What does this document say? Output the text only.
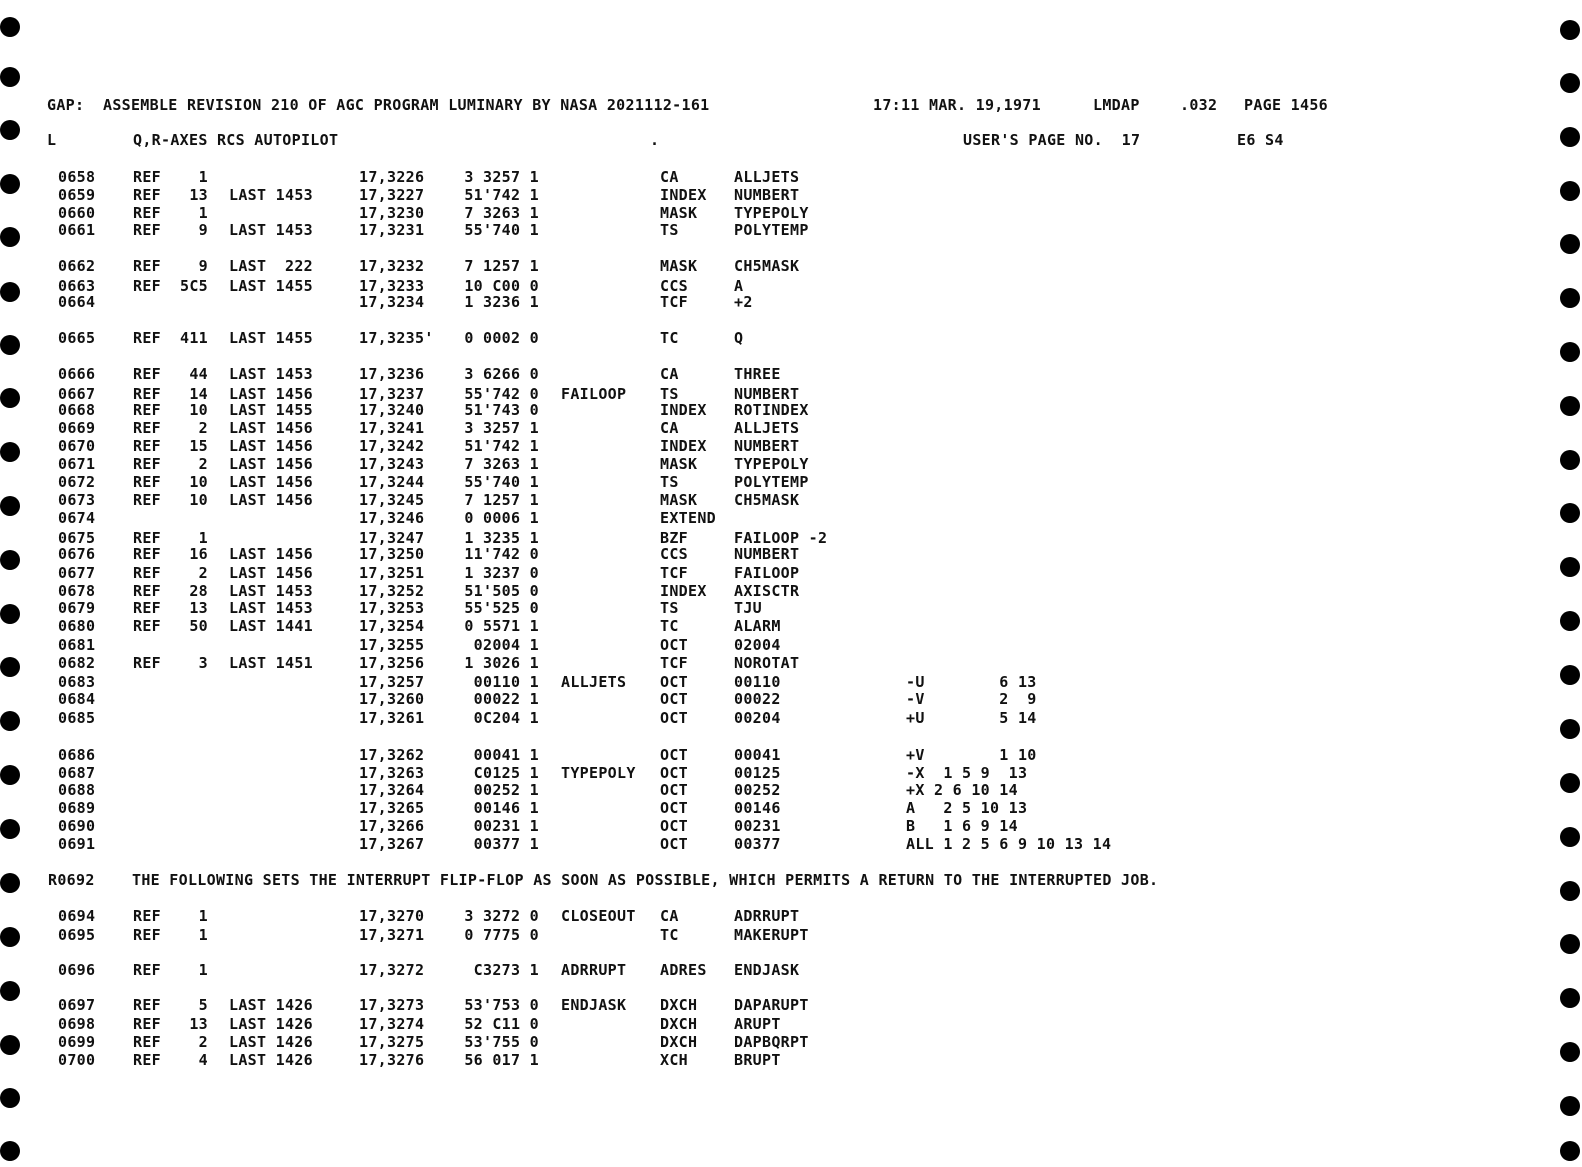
GAP:  ASSEMBLE REVISION 210 OF AGC PROGRAM LUMINARY BY NASA 2021112-161	17:11 MAR. 19,1971	LMDAP	.032 PAGE 1456
L	Q,R-AXES RCS AUTOPILOT	.	USER'S PAGE NO.  17	E6 S4
0658	REF	1	17,3226	3 3257 1	CA	ALLJETS
0659	REF	13 LAST 1453	17,3227	51'742 1	INDEX	NUMBERT
0660	REF	1	17,3230	7 3263 1	MASK	TYPEPOLY
0661	REF	9 LAST 1453	17,3231	55'740 1	TS	POLYTEMP
0662	REF	9 LAST  222	17,3232	7 1257 1	MASK	CH5MASK
0663	REF	5C5 LAST 1455	17,3233	10 C00 0	CCS	A
0664	17,3234	1 3236 1	TCF	+2
0665	REF	411 LAST 1455	17,3235'	0 0002 0	TC	Q
0666	REF	44 LAST 1453	17,3236	3 6266 0	CA	THREE
0667	REF	14 LAST 1456	17,3237	55'742 0 FAILOOP	TS	NUMBERT
0668	REF	10 LAST 1455	17,3240	51'743 0	INDEX	ROTINDEX
0669	REF	2 LAST 1456	17,3241	3 3257 1	CA	ALLJETS
0670	REF	15 LAST 1456	17,3242	51'742 1	INDEX	NUMBERT
0671	REF	2 LAST 1456	17,3243	7 3263 1	MASK	TYPEPOLY
0672	REF	10 LAST 1456	17,3244	55'740 1	TS	POLYTEMP
0673	REF	10 LAST 1456	17,3245	7 1257 1	MASK	CH5MASK
0674	17,3246	0 0006 1	EXTEND
0675	REF	1	17,3247	1 3235 1	BZF	FAILOOP -2
0676	REF	16 LAST 1456	17,3250	11'742 0	CCS	NUMBERT
0677	REF	2 LAST 1456	17,3251	1 3237 0	TCF	FAILOOP
0678	REF	28 LAST 1453	17,3252	51'505 0	INDEX	AXISCTR
0679	REF	13 LAST 1453	17,3253	55'525 0	TS	TJU
0680	REF	50 LAST 1441	17,3254	0 5571 1	TC	ALARM
0681	17,3255	02004 1	OCT	02004
0682	REF	3 LAST 1451	17,3256	1 3026 1	TCF	NOROTAT
0683	17,3257	00110 1 ALLJETS	OCT	00110	-U        6 13
0684	17,3260	00022 1	OCT	00022	-V        2  9
0685	17,3261	0C204 1	OCT	00204	+U        5 14
0686	17,3262	00041 1	OCT	00041	+V        1 10
0687	17,3263	C0125 1 TYPEPOLY	OCT	00125	-X  1 5 9  13
0688	17,3264	00252 1	OCT	00252	+X 2 6 10 14
0689	17,3265	00146 1	OCT	00146	A   2 5 10 13
0690	17,3266	00231 1	OCT	00231	B   1 6 9 14
0691	17,3267	00377 1	OCT	00377	ALL 1 2 5 6 9 10 13 14
0694	REF	1	17,3270	3 3272 0 CLOSEOUT	CA	ADRRUPT
0695	REF	1	17,3271	0 7775 0	TC	MAKERUPT
0696	REF	1	17,3272	C3273 1 ADRRUPT	ADRES	ENDJASK
0697	REF	5 LAST 1426	17,3273	53'753 0 ENDJASK	DXCH	DAPARUPT
0698	REF	13 LAST 1426	17,3274	52 C11 0	DXCH	ARUPT
0699	REF	2 LAST 1426	17,3275	53'755 0	DXCH	DAPBQRPT
0700	REF	4 LAST 1426	17,3276	56 017 1	XCH	BRUPT
R0692 THE FOLLOWING SETS THE INTERRUPT FLIP-FLOP AS SOON AS POSSIBLE, WHICH PERMITS A RETURN TO THE INTERRUPTED JOB.
